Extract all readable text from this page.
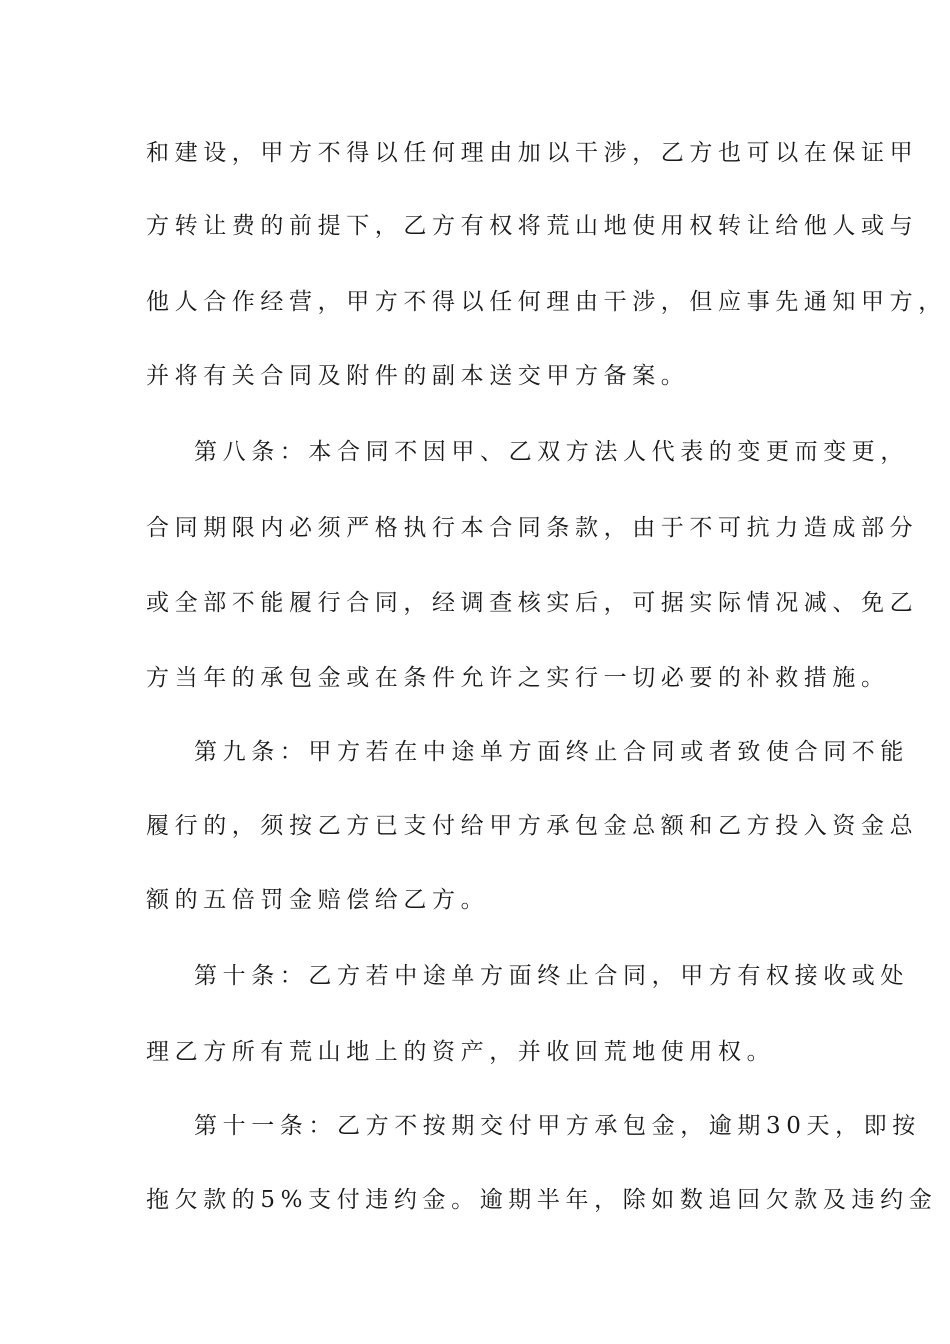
和建设，甲方不得以任何理由加以干涉，乙方也可以在保证甲
方转让费的前提下，乙方有权将荒山地使用权转让给他人或与
他人合作经营，甲方不得以任何理由干涉，但应事先通知甲方，
并将有关合同及附件的副本送交甲方备案。
第八条：本合同不因甲、乙双方法人代表的变更而变更，
合同期限内必须严格执行本合同条款，由于不可抗力造成部分
或全部不能履行合同，经调查核实后，可据实际情况减、免乙
方当年的承包金或在条件允许之实行一切必要的补救措施。
第九条：甲方若在中途单方面终止合同或者致使合同不能
履行的，须按乙方已支付给甲方承包金总额和乙方投入资金总
额的五倍罚金赔偿给乙方。
第十条：乙方若中途单方面终止合同，甲方有权接收或处
理乙方所有荒山地上的资产，并收回荒地使用权。
第十一条：乙方不按期交付甲方承包金，逾期30天，即按
拖欠款的5%支付违约金。逾期半年，除如数追回欠款及违约金
